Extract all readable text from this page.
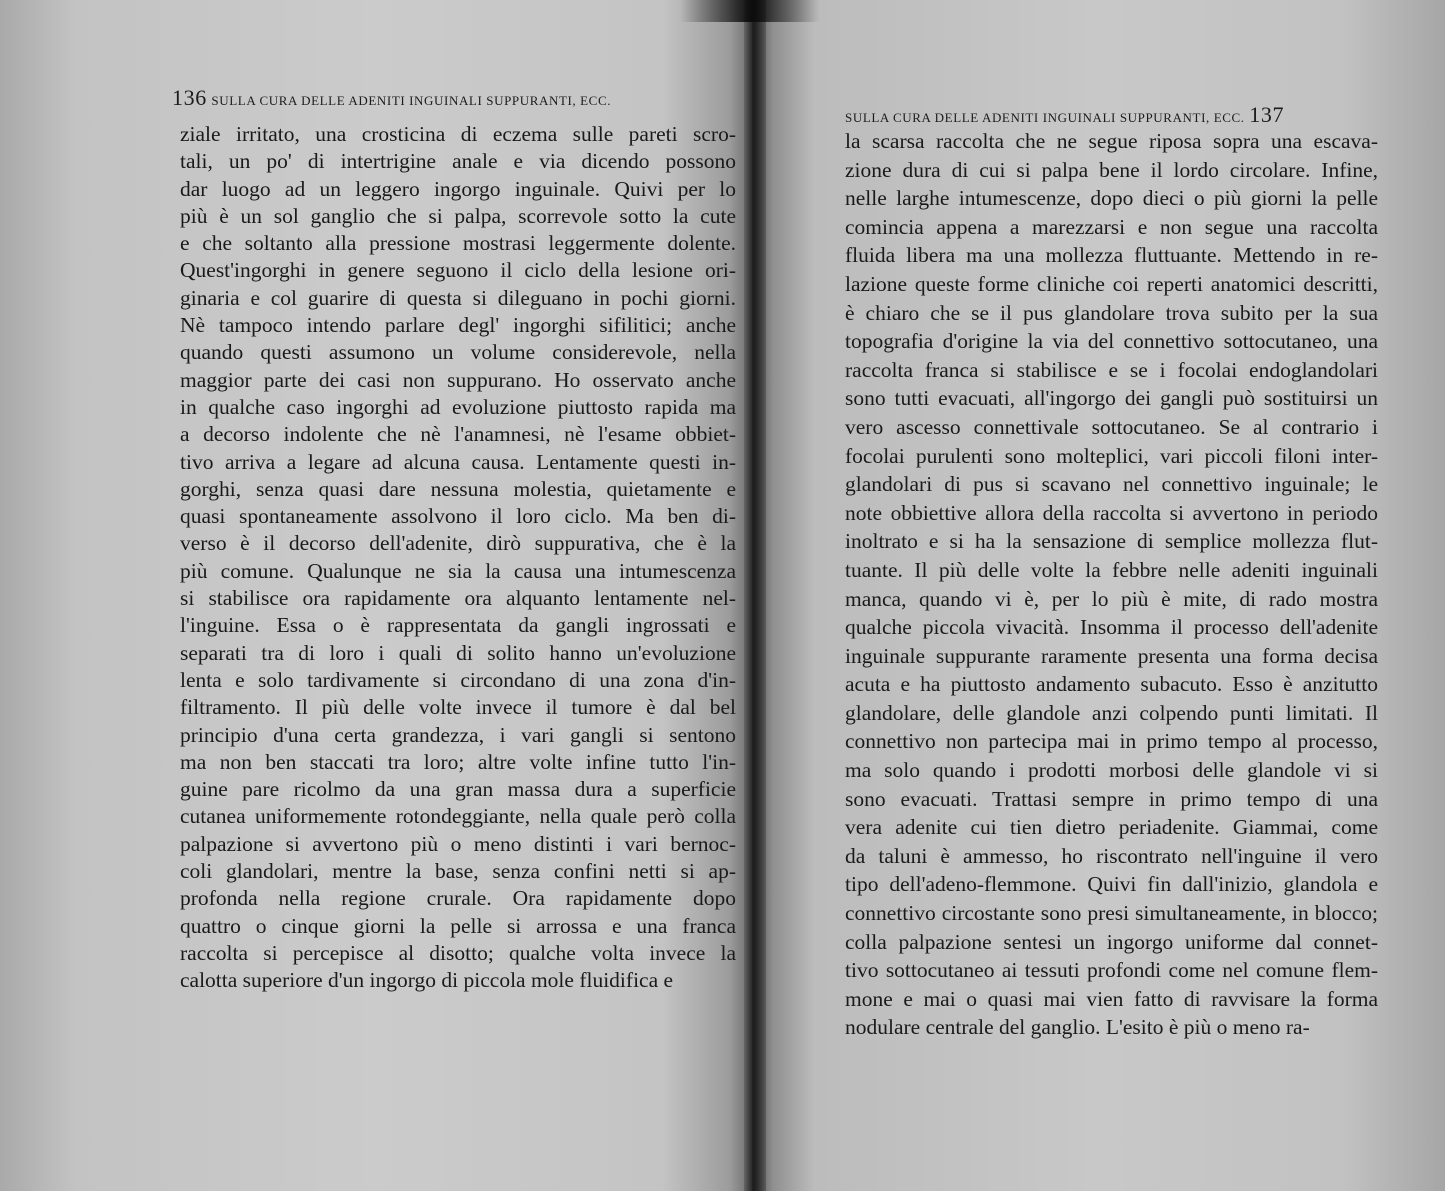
136 SULLA CURA DELLE ADENITI INGUINALI SUPPURANTI, ECC.
SULLA CURA DELLE ADENITI INGUINALI SUPPURANTI, ECC. 137
ziale irritato, una crosticina di eczema sulle pareti scro-
tali, un po' di intertrigine anale e via dicendo possono
dar luogo ad un leggero ingorgo inguinale. Quivi per lo
più è un sol ganglio che si palpa, scorrevole sotto la cute
e che soltanto alla pressione mostrasi leggermente dolente.
Quest'ingorghi in genere seguono il ciclo della lesione ori-
ginaria e col guarire di questa si dileguano in pochi giorni.
Nè tampoco intendo parlare degl' ingorghi sifilitici; anche
quando questi assumono un volume considerevole, nella
maggior parte dei casi non suppurano. Ho osservato anche
in qualche caso ingorghi ad evoluzione piuttosto rapida ma
a decorso indolente che nè l'anamnesi, nè l'esame obbiet-
tivo arriva a legare ad alcuna causa. Lentamente questi in-
gorghi, senza quasi dare nessuna molestia, quietamente e
quasi spontaneamente assolvono il loro ciclo. Ma ben di-
verso è il decorso dell'adenite, dirò suppurativa, che è la
più comune. Qualunque ne sia la causa una intumescenza
si stabilisce ora rapidamente ora alquanto lentamente nel-
l'inguine. Essa o è rappresentata da gangli ingrossati e
separati tra di loro i quali di solito hanno un'evoluzione
lenta e solo tardivamente si circondano di una zona d'in-
filtramento. Il più delle volte invece il tumore è dal bel
principio d'una certa grandezza, i vari gangli si sentono
ma non ben staccati tra loro; altre volte infine tutto l'in-
guine pare ricolmo da una gran massa dura a superficie
cutanea uniformemente rotondeggiante, nella quale però colla
palpazione si avvertono più o meno distinti i vari bernoc-
coli glandolari, mentre la base, senza confini netti si ap-
profonda nella regione crurale. Ora rapidamente dopo
quattro o cinque giorni la pelle si arrossa e una franca
raccolta si percepisce al disotto; qualche volta invece la
calotta superiore d'un ingorgo di piccola mole fluidifica e
la scarsa raccolta che ne segue riposa sopra una escava-
zione dura di cui si palpa bene il lordo circolare. Infine,
nelle larghe intumescenze, dopo dieci o più giorni la pelle
comincia appena a marezzarsi e non segue una raccolta
fluida libera ma una mollezza fluttuante. Mettendo in re-
lazione queste forme cliniche coi reperti anatomici descritti,
è chiaro che se il pus glandolare trova subito per la sua
topografia d'origine la via del connettivo sottocutaneo, una
raccolta franca si stabilisce e se i focolai endoglandolari
sono tutti evacuati, all'ingorgo dei gangli può sostituirsi un
vero ascesso connettivale sottocutaneo. Se al contrario i
focolai purulenti sono molteplici, vari piccoli filoni inter-
glandolari di pus si scavano nel connettivo inguinale; le
note obbiettive allora della raccolta si avvertono in periodo
inoltrato e si ha la sensazione di semplice mollezza flut-
tuante. Il più delle volte la febbre nelle adeniti inguinali
manca, quando vi è, per lo più è mite, di rado mostra
qualche piccola vivacità. Insomma il processo dell'adenite
inguinale suppurante raramente presenta una forma decisa
acuta e ha piuttosto andamento subacuto. Esso è anzitutto
glandolare, delle glandole anzi colpendo punti limitati. Il
connettivo non partecipa mai in primo tempo al processo,
ma solo quando i prodotti morbosi delle glandole vi si
sono evacuati. Trattasi sempre in primo tempo di una
vera adenite cui tien dietro periadenite. Giammai, come
da taluni è ammesso, ho riscontrato nell'inguine il vero
tipo dell'adeno-flemmone. Quivi fin dall'inizio, glandola e
connettivo circostante sono presi simultaneamente, in blocco;
colla palpazione sentesi un ingorgo uniforme dal connet-
tivo sottocutaneo ai tessuti profondi come nel comune flem-
mone e mai o quasi mai vien fatto di ravvisare la forma
nodulare centrale del ganglio. L'esito è più o meno ra-
